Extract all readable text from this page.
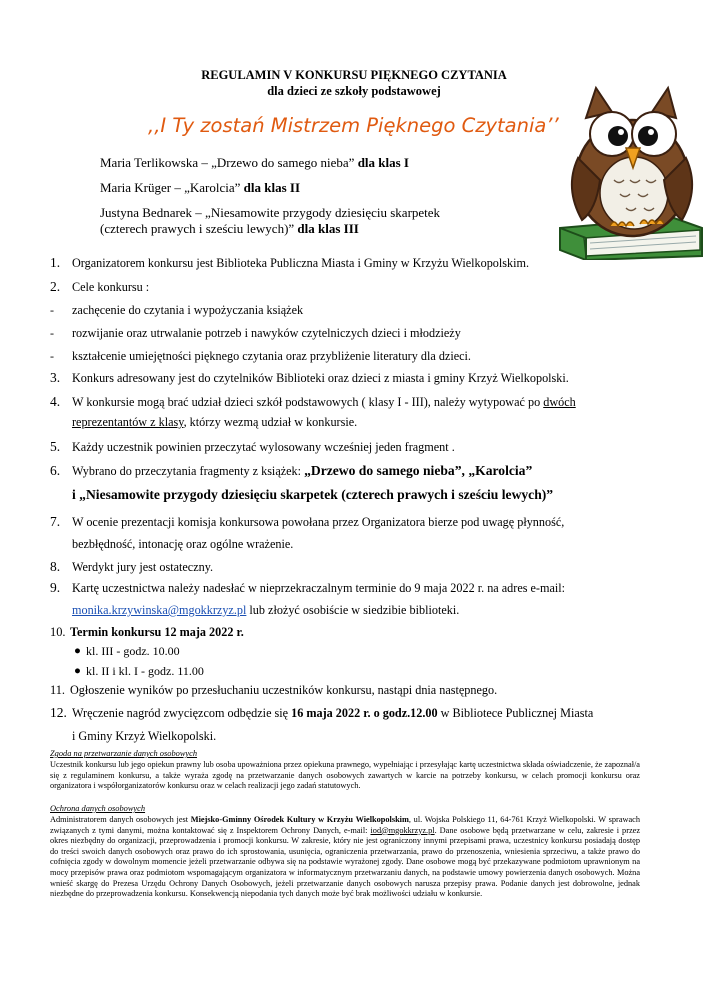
REGULAMIN V KONKURSU PIĘKNEGO CZYTANIA
dla dzieci ze szkoły podstawowej
,,I Ty zostań Mistrzem Pięknego Czytania’’
Maria Terlikowska – „Drzewo do samego nieba” dla klas I
Maria Krüger – „Karolcia” dla klas II
Justyna Bednarek – „Niesamowite przygody dziesięciu skarpetek
(czterech prawych i sześciu lewych)” dla klas III
1. Organizatorem konkursu jest Biblioteka Publiczna Miasta i Gminy w Krzyżu Wielkopolskim.
2. Cele konkursu :
- zachęcenie do czytania i wypożyczania książek
- rozwijanie oraz utrwalanie potrzeb i nawyków czytelniczych dzieci i młodzieży
- kształcenie umiejętności pięknego czytania oraz przybliżenie literatury dla dzieci.
3. Konkurs adresowany jest do czytelników Biblioteki oraz dzieci z miasta i gminy Krzyż Wielkopolski.
4. W konkursie mogą brać udział dzieci szkół podstawowych ( klasy I - III), należy wytypować po dwóch
reprezentantów z klasy, którzy wezmą udział w konkursie.
5. Każdy uczestnik powinien przeczytać wylosowany wcześniej jeden fragment .
6. Wybrano do przeczytania fragmenty z książek: „Drzewo do samego nieba”, „Karolcia”
i „Niesamowite przygody dziesięciu skarpetek (czterech prawych i sześciu lewych)”
7. W ocenie prezentacji komisja konkursowa powołana przez Organizatora bierze pod uwagę płynność,
bezbłędność, intonację oraz ogólne wrażenie.
8. Werdykt jury jest ostateczny.
9. Kartę uczestnictwa należy nadesłać w nieprzekraczalnym terminie do 9 maja 2022 r. na adres e-mail:
monika.krzywinska@mgokkrzyz.pl lub złożyć osobiście w siedzibie biblioteki.
10. Termin konkursu 12 maja 2022 r.
● kl. III - godz. 10.00
● kl. II i kl. I - godz. 11.00
11. Ogłoszenie wyników po przesłuchaniu uczestników konkursu, nastąpi dnia następnego.
12. Wręczenie nagród zwycięzcom odbędzie się 16 maja 2022 r. o godz.12.00 w Bibliotece Publicznej Miasta
i Gminy Krzyż Wielkopolski.
Zgoda na przetwarzanie danych osobowych
Uczestnik konkursu lub jego opiekun prawny lub osoba upoważniona przez opiekuna prawnego, wypełniając i przesyłając kartę uczestnictwa składa oświadczenie, że zapoznał/a się z regulaminem konkursu, a także wyraża zgodę na przetwarzanie danych osobowych zawartych w karcie na potrzeby konkursu, w celach promocji konkursu oraz organizatora i współorganizatorów konkursu oraz w celach realizacji jego zadań statutowych.
Ochrona danych osobowych
Administratorem danych osobowych jest Miejsko-Gminny Ośrodek Kultury w Krzyżu Wielkopolskim, ul. Wojska Polskiego 11, 64-761 Krzyż Wielkopolski. W sprawach związanych z tymi danymi, można kontaktować się z Inspektorem Ochrony Danych, e-mail: iod@mgokkrzyz.pl. Dane osobowe będą przetwarzane w celu, zakresie i przez okres niezbędny do organizacji, przeprowadzenia i promocji konkursu. W zakresie, który nie jest ograniczony innymi przepisami prawa, uczestnicy konkursu posiadają dostęp do treści swoich danych osobowych oraz prawo do ich sprostowania, usunięcia, ograniczenia przetwarzania, prawo do przenoszenia, wniesienia sprzeciwu, a także prawo do cofnięcia zgody w dowolnym momencie jeżeli przetwarzanie odbywa się na podstawie wyrażonej zgody. Dane osobowe mogą być przekazywane podmiotom uprawnionym na mocy przepisów prawa oraz podmiotom wspomagającym organizatora w informatycznym przetwarzaniu danych, na podstawie umowy powierzenia danych osobowych. Można wnieść skargę do Prezesa Urzędu Ochrony Danych Osobowych, jeżeli przetwarzanie danych osobowych narusza przepisy prawa. Podanie danych jest dobrowolne, jednak niezbędne do przeprowadzenia konkursu. Konsekwencją niepodania tych danych może być brak możliwości udziału w konkursie.
